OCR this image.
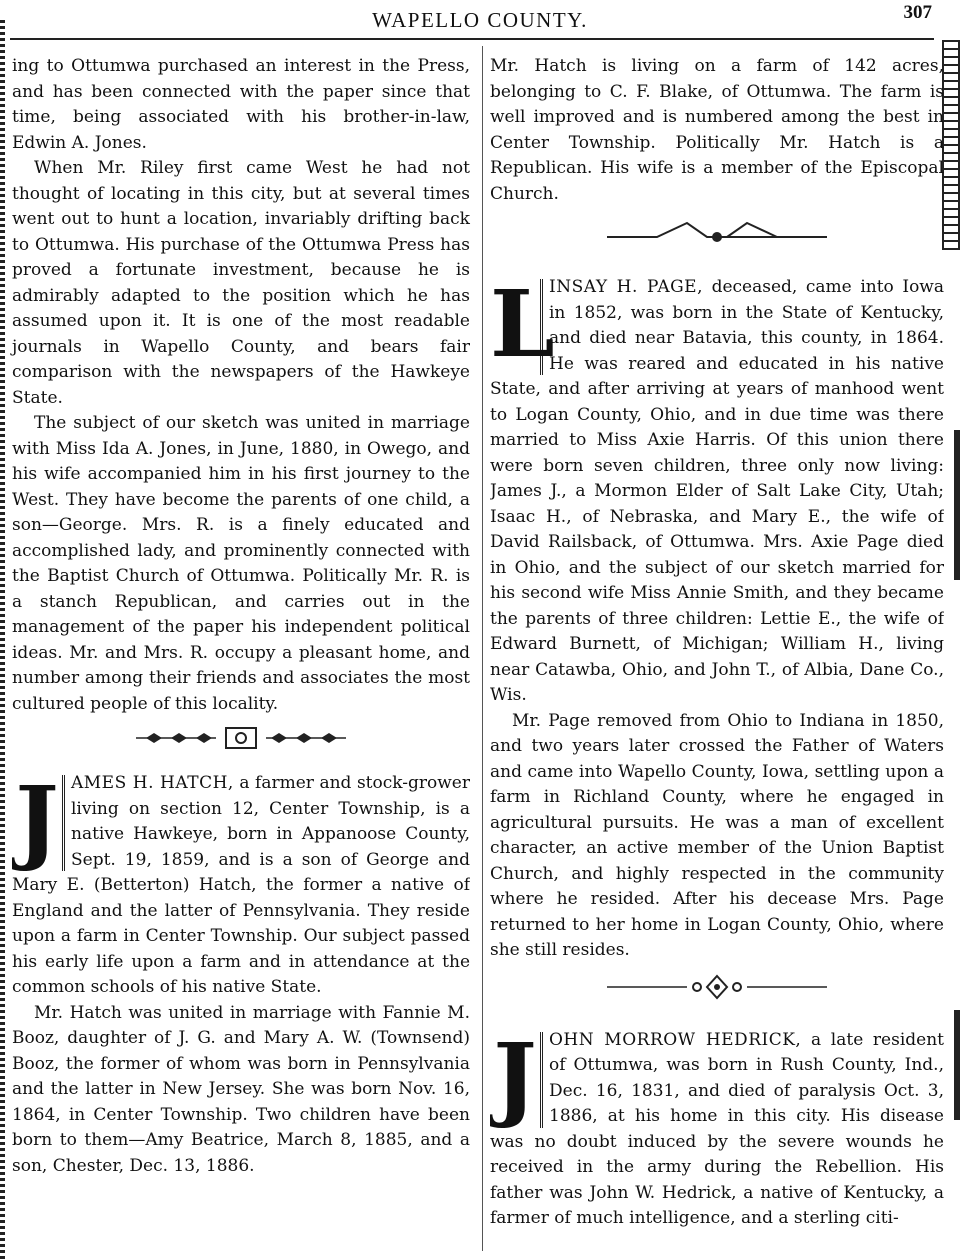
WAPELLO COUNTY.	307

ing to Ottumwa purchased an interest in the Press, and has been connected with the paper since that time, being associated with his brother-in-law, Edwin A. Jones.

When Mr. Riley first came West he had not thought of locating in this city, but at several times went out to hunt a location, invariably drifting back to Ottumwa. His purchase of the Ottumwa Press has proved a fortunate investment, because he is admirably adapted to the position which he has assumed upon it. It is one of the most readable journals in Wapello County, and bears fair comparison with the newspapers of the Hawkeye State.

The subject of our sketch was united in marriage with Miss Ida A. Jones, in June, 1880, in Owego, and his wife accompanied him in his first journey to the West. They have become the parents of one child, a son—George. Mrs. R. is a finely educated and accomplished lady, and prominently connected with the Baptist Church of Ottumwa. Politically Mr. R. is a stanch Republican, and carries out in the management of the paper his independent political ideas. Mr. and Mrs. R. occupy a pleasant home, and number among their friends and associates the most cultured people of this locality.

J AMES H. HATCH, a farmer and stock-grower living on section 12, Center Township, is a native Hawkeye, born in Appanoose County, Sept. 19, 1859, and is a son of George and Mary E. (Betterton) Hatch, the former a native of England and the latter of Pennsylvania. They reside upon a farm in Center Township. Our subject passed his early life upon a farm and in attendance at the common schools of his native State.

Mr. Hatch was united in marriage with Fannie M. Booz, daughter of J. G. and Mary A. W. (Townsend) Booz, the former of whom was born in Pennsylvania and the latter in New Jersey. She was born Nov. 16, 1864, in Center Township. Two children have been born to them—Amy Beatrice, March 8, 1885, and a son, Chester, Dec. 13, 1886.

Mr. Hatch is living on a farm of 142 acres, belonging to C. F. Blake, of Ottumwa. The farm is well improved and is numbered among the best in Center Township. Politically Mr. Hatch is a Republican. His wife is a member of the Episcopal Church.

L

INSAY H. PAGE, deceased, came into Iowa in 1852, was born in the State of Kentucky, and died near Batavia, this county, in 1864. He was reared and educated in his native State, and after arriving at years of manhood went to Logan County, Ohio, and in due time was there married to Miss Axie Harris. Of this union there were born seven children, three only now living: James J., a Mormon Elder of Salt Lake City, Utah; Isaac H., of Nebraska, and Mary E., the wife of David Railsback, of Ottumwa. Mrs. Axie Page died in Ohio, and the subject of our sketch married for his second wife Miss Annie Smith, and they became the parents of three children: Lettie E., the wife of Edward Burnett, of Michigan; William H., living near Catawba, Ohio, and John T., of Albia, Dane Co., Wis.

Mr. Page removed from Ohio to Indiana in 1850, and two years later crossed the Father of Waters and came into Wapello County, Iowa, settling upon a farm in Richland County, where he engaged in agricultural pursuits. He was a man of excellent character, an active member of the Union Baptist Church, and highly respected in the community where he resided. After his decease Mrs. Page returned to her home in Logan County, Ohio, where she still resides.

J OHN MORROW HEDRICK, a late resident of Ottumwa, was born in Rush County, Ind., Dec. 16, 1831, and died of paralysis Oct. 3, 1886, at his home in this city. His disease was no doubt induced by the severe wounds he received in the army during the Rebellion. His father was John W. Hedrick, a native of Kentucky, a farmer of much intelligence, and a sterling citi-
